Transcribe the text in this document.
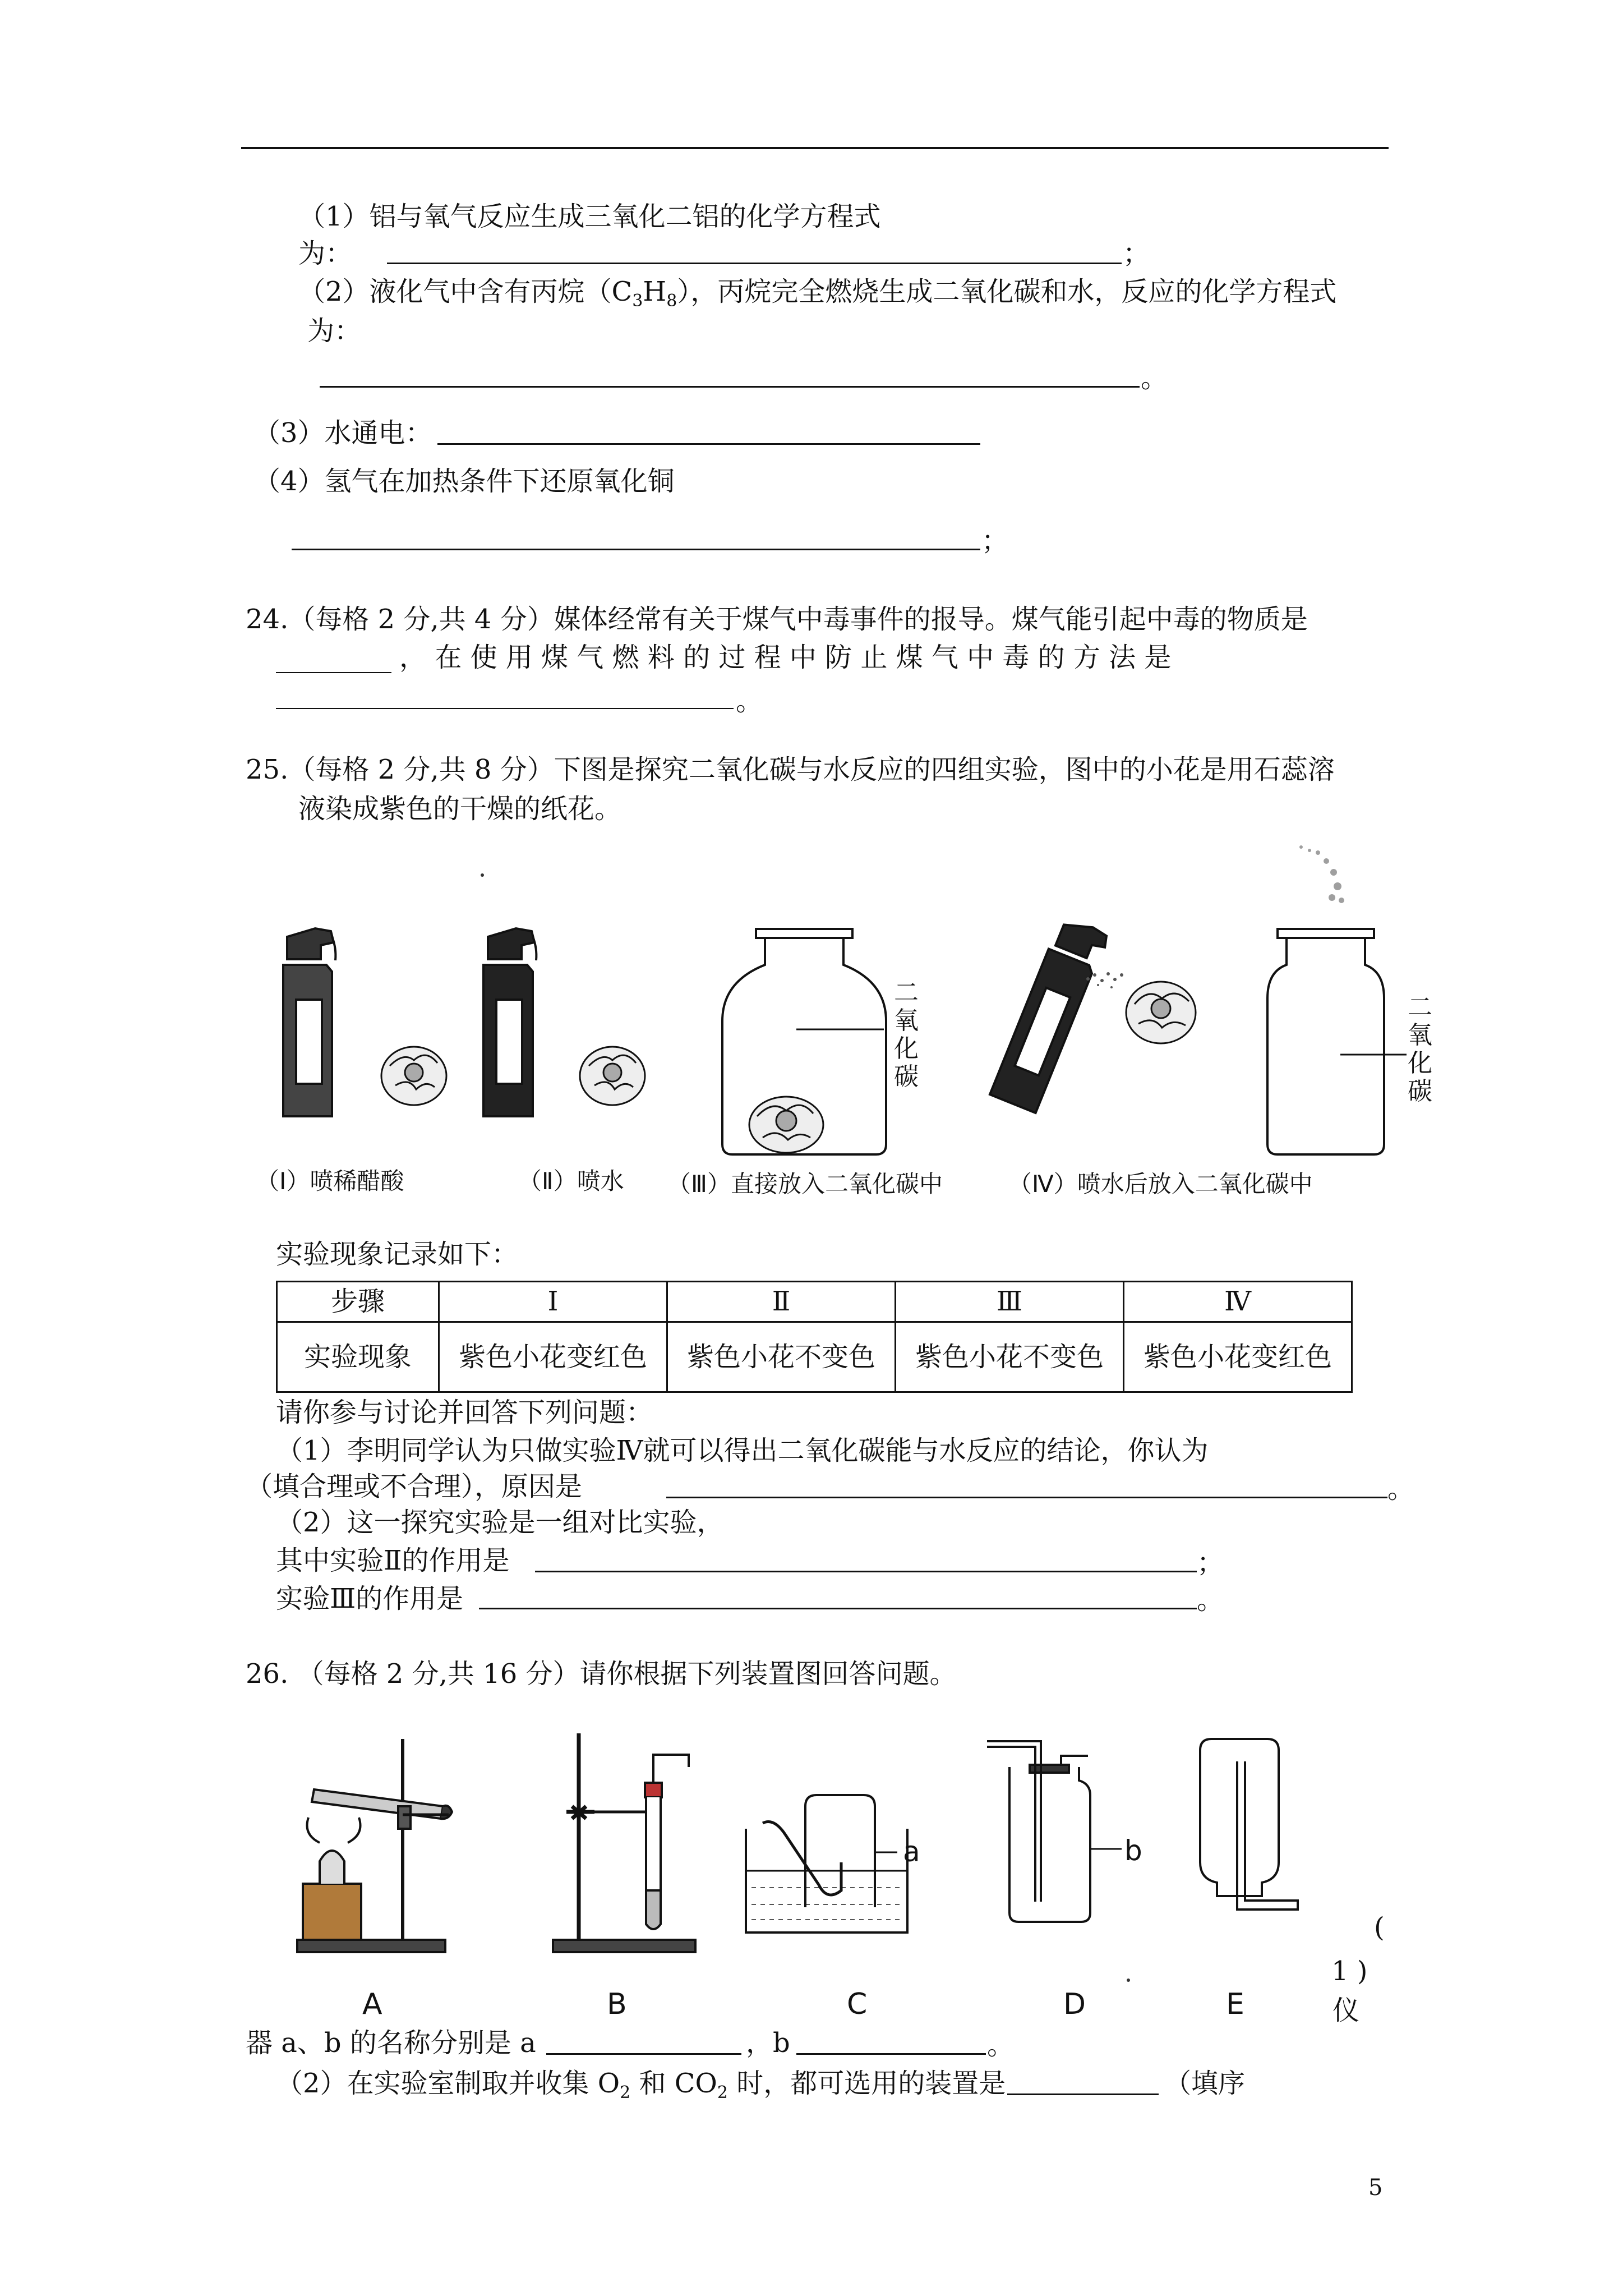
（1）铝与氧气反应生成三氧化二铝的化学方程式
为：	；
（2）液化气中含有丙烷$(C_3H_8)$，丙烷完全燃烧生成二氧化碳和水，反应的化学方程式
为：
。
（3）水通电：
（4）氢气在加热条件下还原氧化铜
；
24.（每格 2 分,共 4 分）媒体经常有关于煤气中毒事件的报导。煤气能引起中毒的物质是
， 在 使 用 煤 气 燃 料 的 过 程 中 防 止 煤 气 中 毒 的 方 法 是
。
25.（每格 2 分,共 8 分）下图是探究二氧化碳与水反应的四组实验，图中的小花是用石蕊溶
液染成紫色的干燥的纸花。
二
氧
化
碳
二
氧
化
碳
（Ⅰ）喷稀醋酸	（Ⅱ）喷水 （Ⅲ）直接放入二氧化碳中	（Ⅳ）喷水后放入二氧化碳中
实验现象记录如下：
步骤	Ⅰ	Ⅱ	Ⅲ	Ⅳ
实验现象	紫色小花变红色	紫色小花不变色	紫色小花不变色	紫色小花变红色
请你参与讨论并回答下列问题：
（1）李明同学认为只做实验Ⅳ就可以得出二氧化碳能与水反应的结论，你认为
（填合理或不合理），原因是	。
（2）这一探究实验是一组对比实验，
其中实验Ⅱ的作用是	；
实验Ⅲ的作用是	。
26. （每格 2 分,共 16 分）请你根据下列装置图回答问题。
a	b
A	B	C	D	E
(
1 )
仪
器 a、b 的名称分别是 a	，b	。
（2）在实验室制取并收集 $O_2$ 和 $CO_2$ 时，都可选用的装置是	（填序
5
